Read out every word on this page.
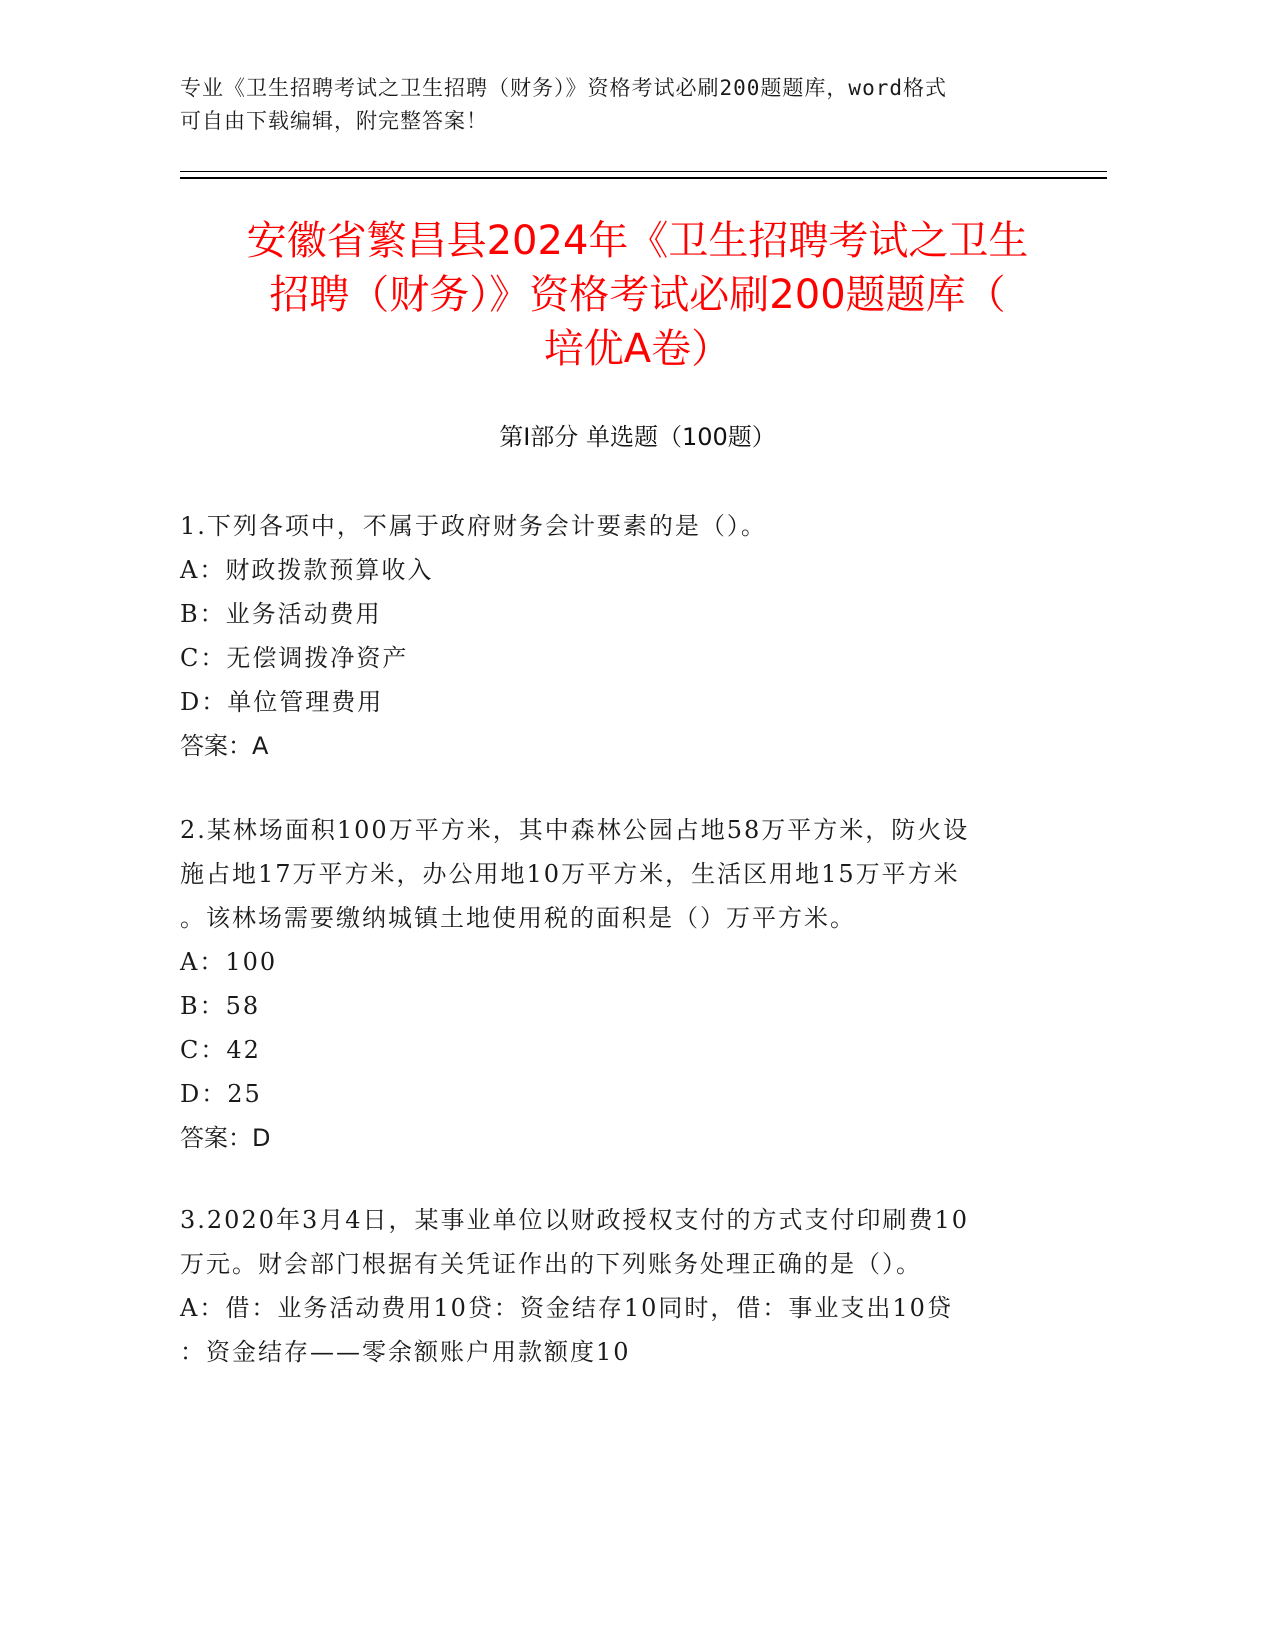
专业《卫生招聘考试之卫生招聘（财务）》资格考试必刷200题题库，word格式
可自由下载编辑，附完整答案！
安徽省繁昌县2024年《卫生招聘考试之卫生
招聘（财务）》资格考试必刷200题题库（
培优A卷）
第Ⅰ部分 单选题（100题）
1.下列各项中，不属于政府财务会计要素的是（）。
A：财政拨款预算收入
B：业务活动费用
C：无偿调拨净资产
D：单位管理费用
答案：A
2.某林场面积100万平方米，其中森林公园占地58万平方米，防火设
施占地17万平方米，办公用地10万平方米，生活区用地15万平方米
。该林场需要缴纳城镇土地使用税的面积是（）万平方米。
A：100
B：58
C：42
D：25
答案：D
3.2020年3月4日，某事业单位以财政授权支付的方式支付印刷费10
万元。财会部门根据有关凭证作出的下列账务处理正确的是（）。
A：借：业务活动费用10贷：资金结存10同时，借：事业支出10贷
：资金结存——零余额账户用款额度10
